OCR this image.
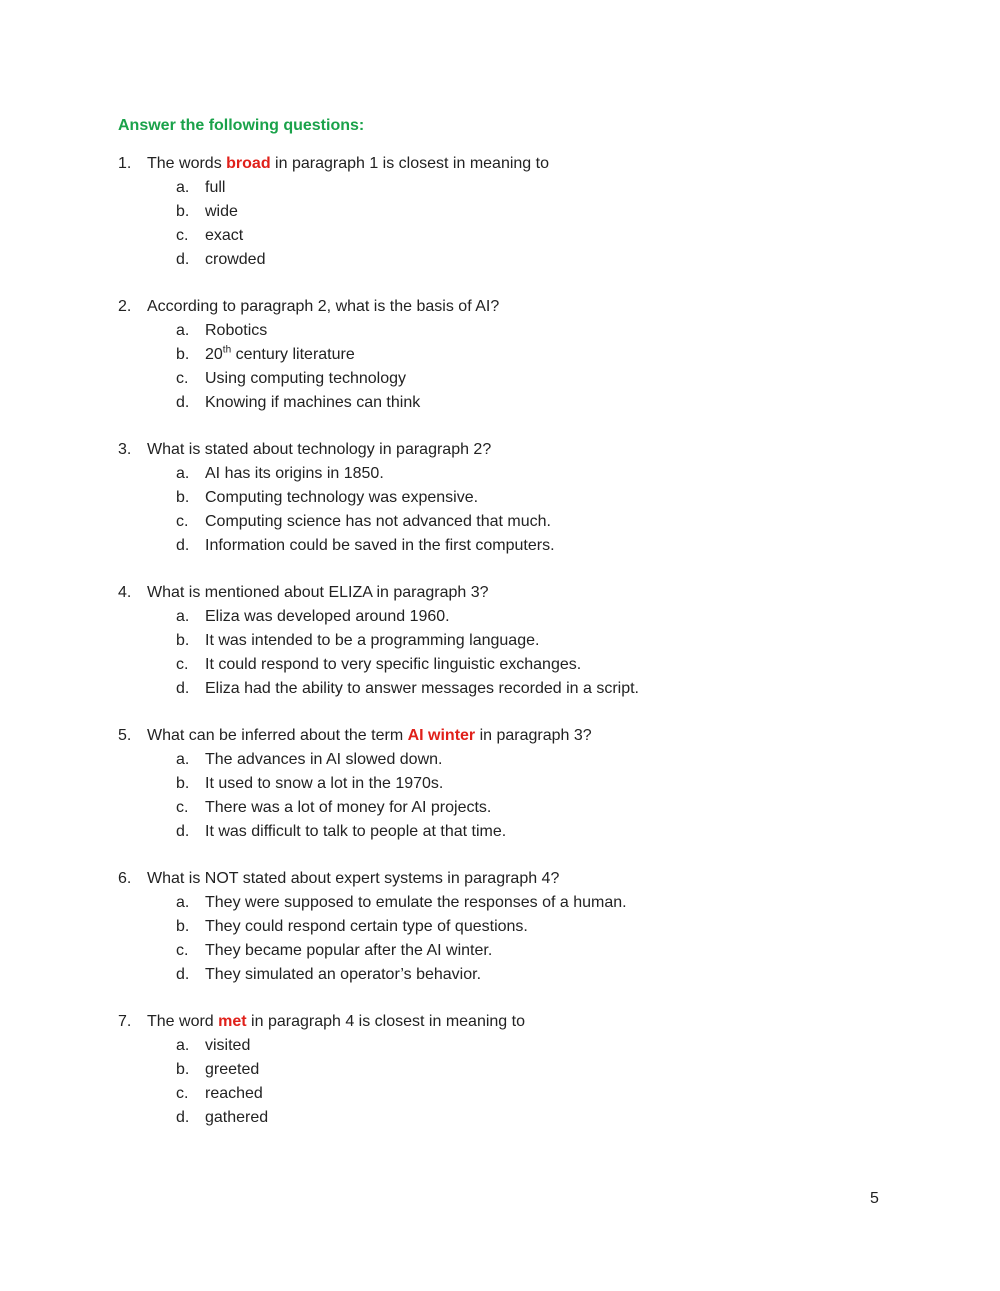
Answer the following questions:

1. The words broad in paragraph 1 is closest in meaning to
a. full
b. wide
c. exact
d. crowded
2. According to paragraph 2, what is the basis of AI?
a. Robotics
b. 20th century literature
c. Using computing technology
d. Knowing if machines can think
3. What is stated about technology in paragraph 2?
a. AI has its origins in 1850.
b. Computing technology was expensive.
c. Computing science has not advanced that much.
d. Information could be saved in the first computers.
4. What is mentioned about ELIZA in paragraph 3?
a. Eliza was developed around 1960.
b. It was intended to be a programming language.
c. It could respond to very specific linguistic exchanges.
d. Eliza had the ability to answer messages recorded in a script.
5. What can be inferred about the term AI winter in paragraph 3?
a. The advances in AI slowed down.
b. It used to snow a lot in the 1970s.
c. There was a lot of money for AI projects.
d. It was difficult to talk to people at that time.
6. What is NOT stated about expert systems in paragraph 4?
a. They were supposed to emulate the responses of a human.
b. They could respond certain type of questions.
c. They became popular after the AI winter.
d. They simulated an operator’s behavior.
7. The word met in paragraph 4 is closest in meaning to
a. visited
b. greeted
c. reached
d. gathered
5
